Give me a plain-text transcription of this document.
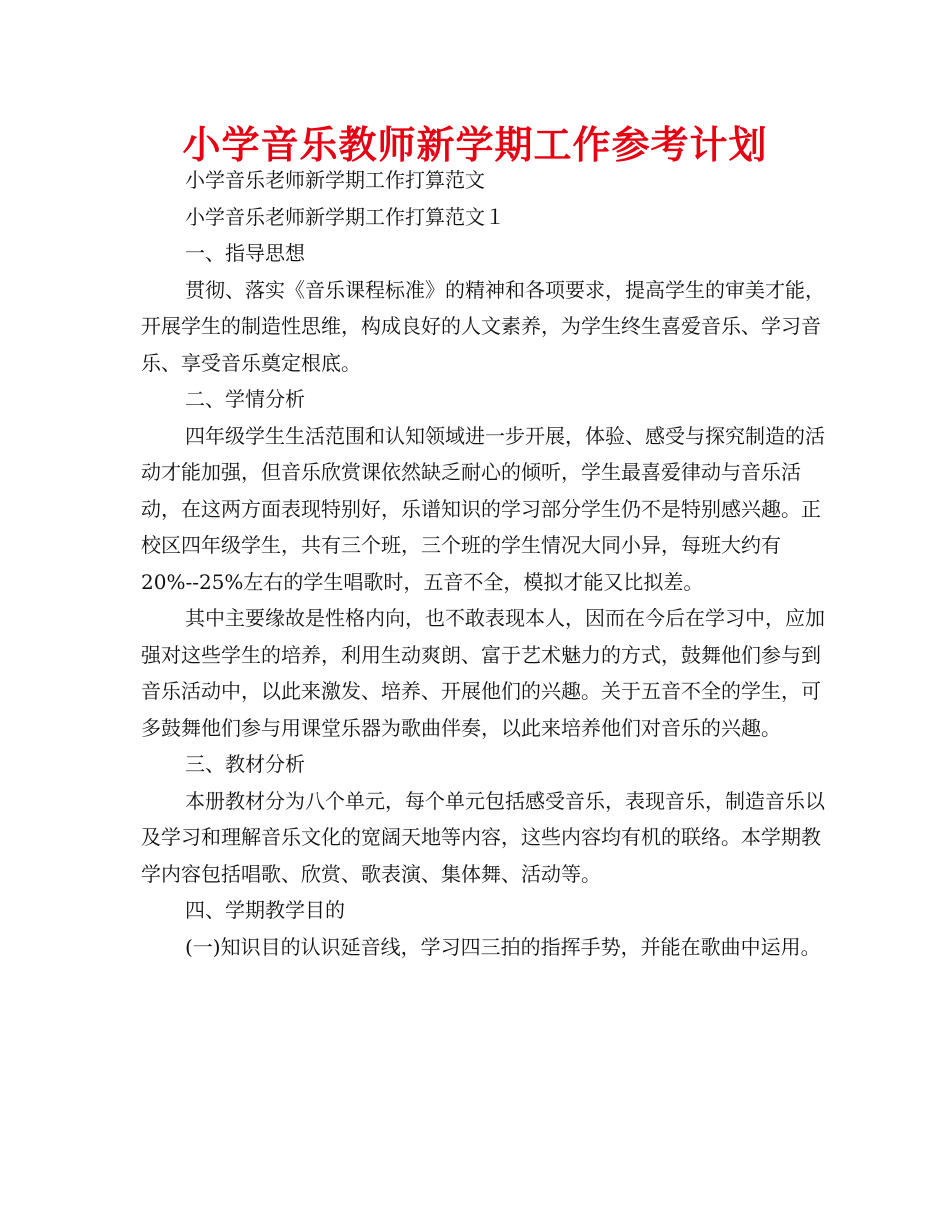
小学音乐教师新学期工作参考计划

小学音乐老师新学期工作打算范文

小学音乐老师新学期工作打算范文１

一、指导思想

贯彻、落实《音乐课程标准》的精神和各项要求，提高学生的审美才能，开展学生的制造性思维，构成良好的人文素养，为学生终生喜爱音乐、学习音乐、享受音乐奠定根底。

二、学情分析

四年级学生生活范围和认知领域进一步开展，体验、感受与探究制造的活动才能加强，但音乐欣赏课依然缺乏耐心的倾听，学生最喜爱律动与音乐活动，在这两方面表现特别好，乐谱知识的学习部分学生仍不是特别感兴趣。正校区四年级学生，共有三个班，三个班的学生情况大同小异，每班大约有20%--25%左右的学生唱歌时，五音不全，模拟才能又比拟差。

其中主要缘故是性格内向，也不敢表现本人，因而在今后在学习中，应加强对这些学生的培养，利用生动爽朗、富于艺术魅力的方式，鼓舞他们参与到音乐活动中，以此来激发、培养、开展他们的兴趣。关于五音不全的学生，可多鼓舞他们参与用课堂乐器为歌曲伴奏，以此来培养他们对音乐的兴趣。

三、教材分析

本册教材分为八个单元，每个单元包括感受音乐，表现音乐，制造音乐以及学习和理解音乐文化的宽阔天地等内容，这些内容均有机的联络。本学期教学内容包括唱歌、欣赏、歌表演、集体舞、活动等。

四、学期教学目的

(一)知识目的认识延音线，学习四三拍的指挥手势，并能在歌曲中运用。
